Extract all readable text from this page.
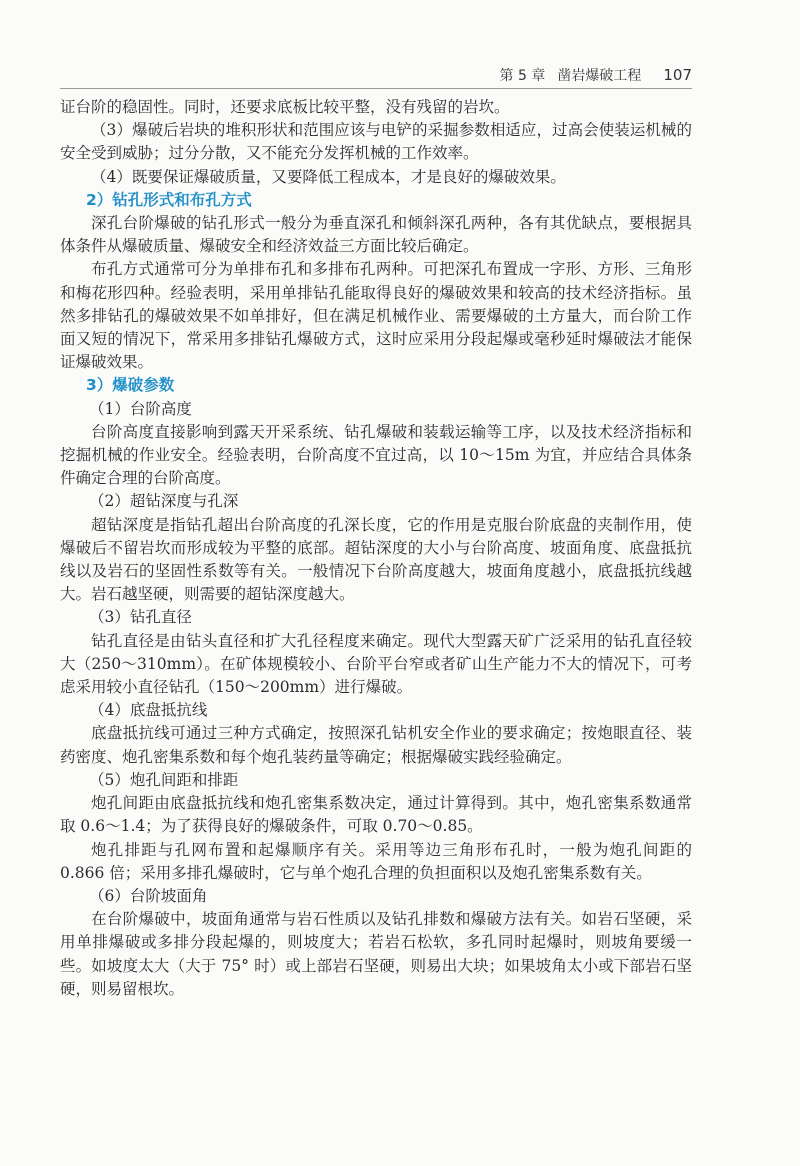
第 5 章 凿岩爆破工程 107

证台阶的稳固性。同时，还要求底板比较平整，没有残留的岩坎。

（3）爆破后岩块的堆积形状和范围应该与电铲的采掘参数相适应，过高会使装运机械的安全受到威胁；过分分散，又不能充分发挥机械的工作效率。

（4）既要保证爆破质量，又要降低工程成本，才是良好的爆破效果。

2）钻孔形式和布孔方式

深孔台阶爆破的钻孔形式一般分为垂直深孔和倾斜深孔两种，各有其优缺点，要根据具体条件从爆破质量、爆破安全和经济效益三方面比较后确定。

布孔方式通常可分为单排布孔和多排布孔两种。可把深孔布置成一字形、方形、三角形和梅花形四种。经验表明，采用单排钻孔能取得良好的爆破效果和较高的技术经济指标。虽然多排钻孔的爆破效果不如单排好，但在满足机械作业、需要爆破的土方量大，而台阶工作面又短的情况下，常采用多排钻孔爆破方式，这时应采用分段起爆或毫秒延时爆破法才能保证爆破效果。

3）爆破参数

（1）台阶高度

台阶高度直接影响到露天开采系统、钻孔爆破和装载运输等工序，以及技术经济指标和挖掘机械的作业安全。经验表明，台阶高度不宜过高，以 10～15m 为宜，并应结合具体条件确定合理的台阶高度。

（2）超钻深度与孔深

超钻深度是指钻孔超出台阶高度的孔深长度，它的作用是克服台阶底盘的夹制作用，使爆破后不留岩坎而形成较为平整的底部。超钻深度的大小与台阶高度、坡面角度、底盘抵抗线以及岩石的坚固性系数等有关。一般情况下台阶高度越大，坡面角度越小，底盘抵抗线越大。岩石越坚硬，则需要的超钻深度越大。

（3）钻孔直径

钻孔直径是由钻头直径和扩大孔径程度来确定。现代大型露天矿广泛采用的钻孔直径较大（250～310mm）。在矿体规模较小、台阶平台窄或者矿山生产能力不大的情况下，可考虑采用较小直径钻孔（150～200mm）进行爆破。

（4）底盘抵抗线

底盘抵抗线可通过三种方式确定，按照深孔钻机安全作业的要求确定；按炮眼直径、装药密度、炮孔密集系数和每个炮孔装药量等确定；根据爆破实践经验确定。

（5）炮孔间距和排距

炮孔间距由底盘抵抗线和炮孔密集系数决定，通过计算得到。其中，炮孔密集系数通常取 0.6～1.4；为了获得良好的爆破条件，可取 0.70～0.85。

炮孔排距与孔网布置和起爆顺序有关。采用等边三角形布孔时，一般为炮孔间距的 0.866 倍；采用多排孔爆破时，它与单个炮孔合理的负担面积以及炮孔密集系数有关。

（6）台阶坡面角

在台阶爆破中，坡面角通常与岩石性质以及钻孔排数和爆破方法有关。如岩石坚硬，采用单排爆破或多排分段起爆的，则坡度大；若岩石松软，多孔同时起爆时，则坡角要缓一些。如坡度太大（大于 75° 时）或上部岩石坚硬，则易出大块；如果坡角太小或下部岩石坚硬，则易留根坎。
